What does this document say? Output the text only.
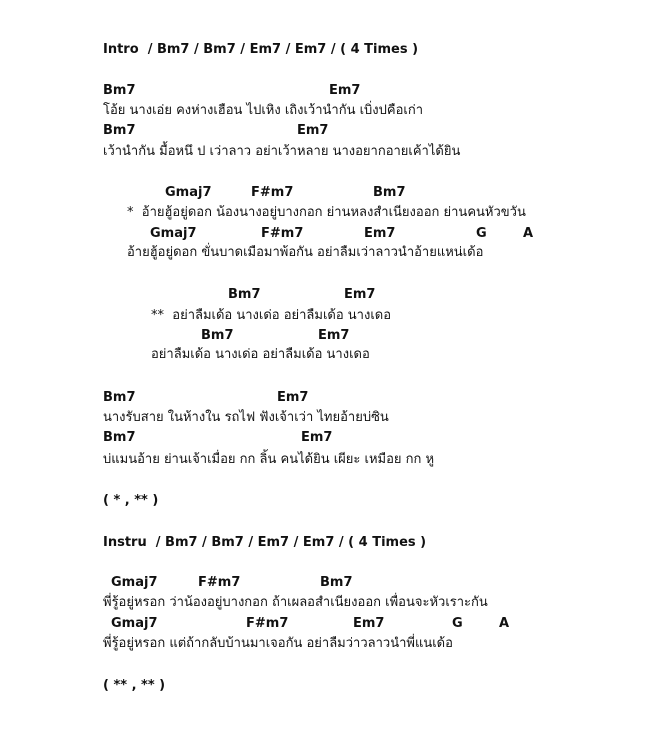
Intro  / Bm7 / Bm7 / Em7 / Em7 / ( 4 Times )
Bm7	Em7
โอ้ย นางเอ่ย คงห่างเฮือน ไปเหิง เถิงเว้านำกัน เบิ่งปคือเก่า
Bm7	Em7
เว้านำกัน มื้อหนึ ป เว่าลาว อย่าเว้าหลาย นางอยากอายเค้าได้ยิน
Gmaj7	F#m7	Bm7
*  อ้ายฮู้อยู่ดอก น้องนางอยู่บางกอก ย่านหลงสำเนียงออก ย่านคนหัวขวัน
Gmaj7	F#m7	Em7	G	A
อ้ายฮู้อยู่ดอก ขั่นบาดเมือมาพ้อกัน อย่าลืมเว่าลาวนำอ้ายแหน่เด้อ
Bm7	Em7
**  อย่าลืมเด้อ นางเด่อ อย่าลืมเด้อ นางเดอ
Bm7	Em7
อย่าลืมเด้อ นางเด่อ อย่าลืมเด้อ นางเดอ
Bm7	Em7
นางรับสาย ในห้างใน รถไฟ ฟังเจ้าเว่า ไทยอ้ายบ่ซิน
Bm7	Em7
บ่แมนอ้าย ย่านเจ้าเมื่อย กก ลิ้น คนได้ยิน เผียะ เหมือย กก หู
( * , ** )
Instru  / Bm7 / Bm7 / Em7 / Em7 / ( 4 Times )
Gmaj7	F#m7	Bm7
พี่รู้อยู่หรอก ว่าน้องอยู่บางกอก ถ้าเผลอสำเนียงออก เพื่อนจะหัวเราะกัน
Gmaj7	F#m7	Em7	G	A
พี่รู้อยู่หรอก แต่ถ้ากลับบ้านมาเจอกัน อย่าลืมว่าวลาวนำพี่แนเด้อ
( ** , ** )
